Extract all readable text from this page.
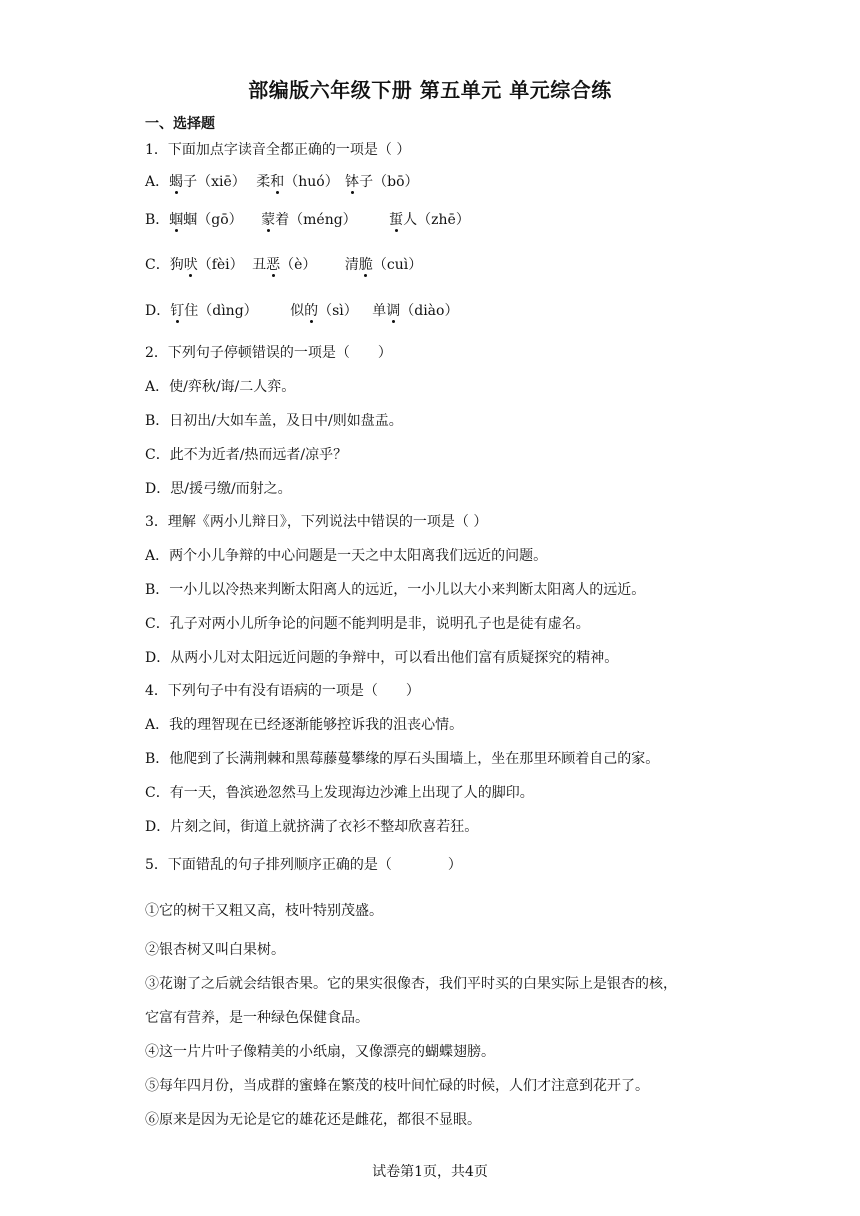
部编版六年级下册 第五单元 单元综合练
一、选择题
1．下面加点字读音全都正确的一项是（ ）
A．蝎子（xiē） 柔和（huó） 钵子（bō）
B．蝈蝈（gō） 蒙着（méng） 蜇人（zhē）
C．狗吠（fèi） 丑恶（è） 清脆（cuì）
D．钉住（dìng） 似的（sì） 单调（diào）
2．下列句子停顿错误的一项是（　　）
A．使/弈秋/诲/二人弈。
B．日初出/大如车盖，及日中/则如盘盂。
C．此不为近者/热而远者/凉乎？
D．思/援弓缴/而射之。
3．理解《两小儿辩日》，下列说法中错误的一项是（ ）
A．两个小儿争辩的中心问题是一天之中太阳离我们远近的问题。
B．一小儿以冷热来判断太阳离人的远近，一小儿以大小来判断太阳离人的远近。
C．孔子对两小儿所争论的问题不能判明是非，说明孔子也是徒有虚名。
D．从两小儿对太阳远近问题的争辩中，可以看出他们富有质疑探究的精神。
4．下列句子中有没有语病的一项是（　　）
A．我的理智现在已经逐渐能够控诉我的沮丧心情。
B．他爬到了长满荆棘和黑莓藤蔓攀缘的厚石头围墙上，坐在那里环顾着自己的家。
C．有一天，鲁滨逊忽然马上发现海边沙滩上出现了人的脚印。
D．片刻之间，街道上就挤满了衣衫不整却欣喜若狂。
5．下面错乱的句子排列顺序正确的是（　　　　）
①它的树干又粗又高，枝叶特别茂盛。
②银杏树又叫白果树。
③花谢了之后就会结银杏果。它的果实很像杏，我们平时买的白果实际上是银杏的核，
它富有营养，是一种绿色保健食品。
④这一片片叶子像精美的小纸扇，又像漂亮的蝴蝶翅膀。
⑤每年四月份，当成群的蜜蜂在繁茂的枝叶间忙碌的时候，人们才注意到花开了。
⑥原来是因为无论是它的雄花还是雌花，都很不显眼。
试卷第1页，共4页
